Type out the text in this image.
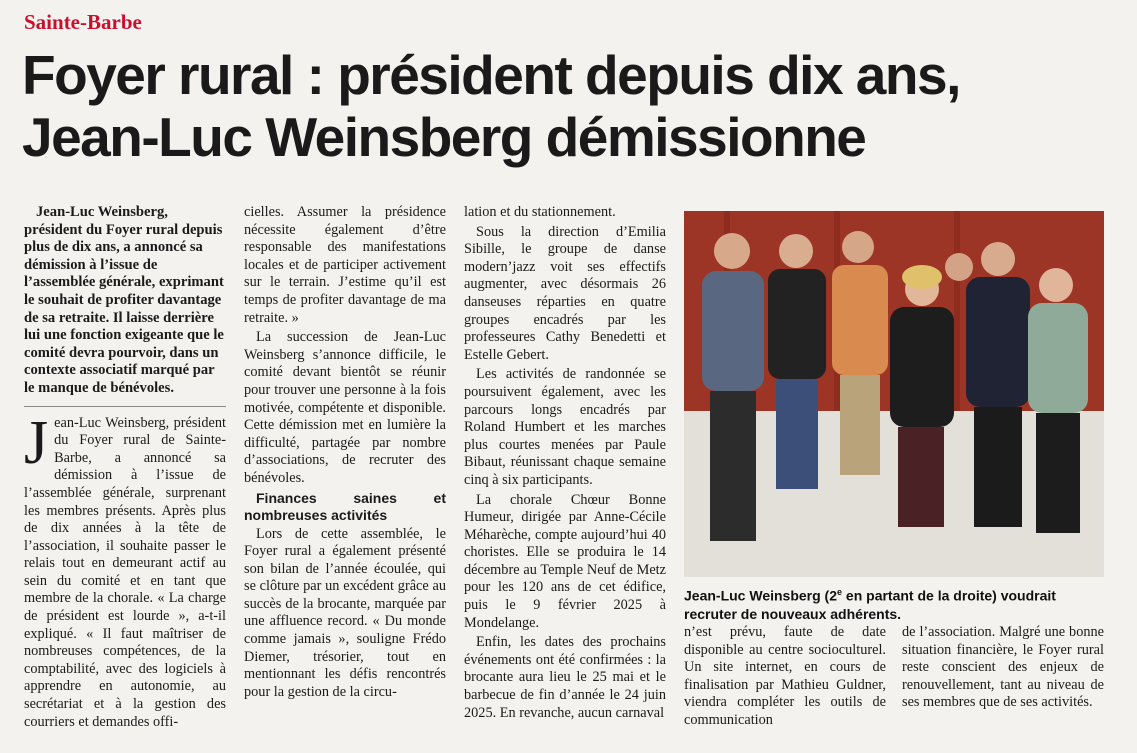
Sainte-Barbe
Foyer rural : président depuis dix ans,
Jean-Luc Weinsberg démissionne

Jean-Luc Weinsberg, président du Foyer rural depuis plus de dix ans, a annoncé sa démission à l’issue de l’assemblée générale, exprimant le souhait de profiter davantage de sa retraite. Il laisse derrière lui une fonction exigeante que le comité devra pourvoir, dans un contexte associatif marqué par le manque de bénévoles.

Jean-Luc Weinsberg, président du Foyer rural de Sainte-Barbe, a annoncé sa démission à l’issue de l’assemblée générale, surprenant les membres présents. Après plus de dix années à la tête de l’association, il souhaite passer le relais tout en demeurant actif au sein du comité et en tant que membre de la chorale. « La charge de président est lourde », a-t-il expliqué. « Il faut maîtriser de nombreuses compétences, de la comptabilité, avec des logiciels à apprendre en autonomie, au secrétariat et à la gestion des courriers et demandes offi-

cielles. Assumer la présidence nécessite également d’être responsable des manifestations locales et de participer activement sur le terrain. J’estime qu’il est temps de profiter davantage de ma retraite. »

La succession de Jean-Luc Weinsberg s’annonce difficile, le comité devant bientôt se réunir pour trouver une personne à la fois motivée, compétente et disponible. Cette démission met en lumière la difficulté, partagée par nombre d’associations, de recruter des bénévoles.

Finances saines et nombreuses activités

Lors de cette assemblée, le Foyer rural a également présenté son bilan de l’année écoulée, qui se clôture par un excédent grâce au succès de la brocante, marquée par une affluence record. « Du monde comme jamais », souligne Frédo Diemer, trésorier, tout en mentionnant les défis rencontrés pour la gestion de la circu-

lation et du stationnement.

Sous la direction d’Emilia Sibille, le groupe de danse modern’jazz voit ses effectifs augmenter, avec désormais 26 danseuses réparties en quatre groupes encadrés par les professeures Cathy Benedetti et Estelle Gebert.

Les activités de randonnée se poursuivent également, avec les parcours longs encadrés par Roland Humbert et les marches plus courtes menées par Paule Bibaut, réunissant chaque semaine cinq à six participants.

La chorale Chœur Bonne Humeur, dirigée par Anne-Cécile Méharèche, compte aujourd’hui 40 choristes. Elle se produira le 14 décembre au Temple Neuf de Metz pour les 120 ans de cet édifice, puis le 9 février 2025 à Mondelange.

Enfin, les dates des prochains événements ont été confirmées : la brocante aura lieu le 25 mai et le barbecue de fin d’année le 24 juin 2025. En revanche, aucun carnaval

Jean-Luc Weinsberg (2e en partant de la droite) voudrait recruter de nouveaux adhérents.

n’est prévu, faute de date disponible au centre socioculturel. Un site internet, en cours de finalisation par Mathieu Guldner, viendra compléter les outils de communication

de l’association. Malgré une bonne situation financière, le Foyer rural reste conscient des enjeux de renouvellement, tant au niveau de ses membres que de ses activités.
